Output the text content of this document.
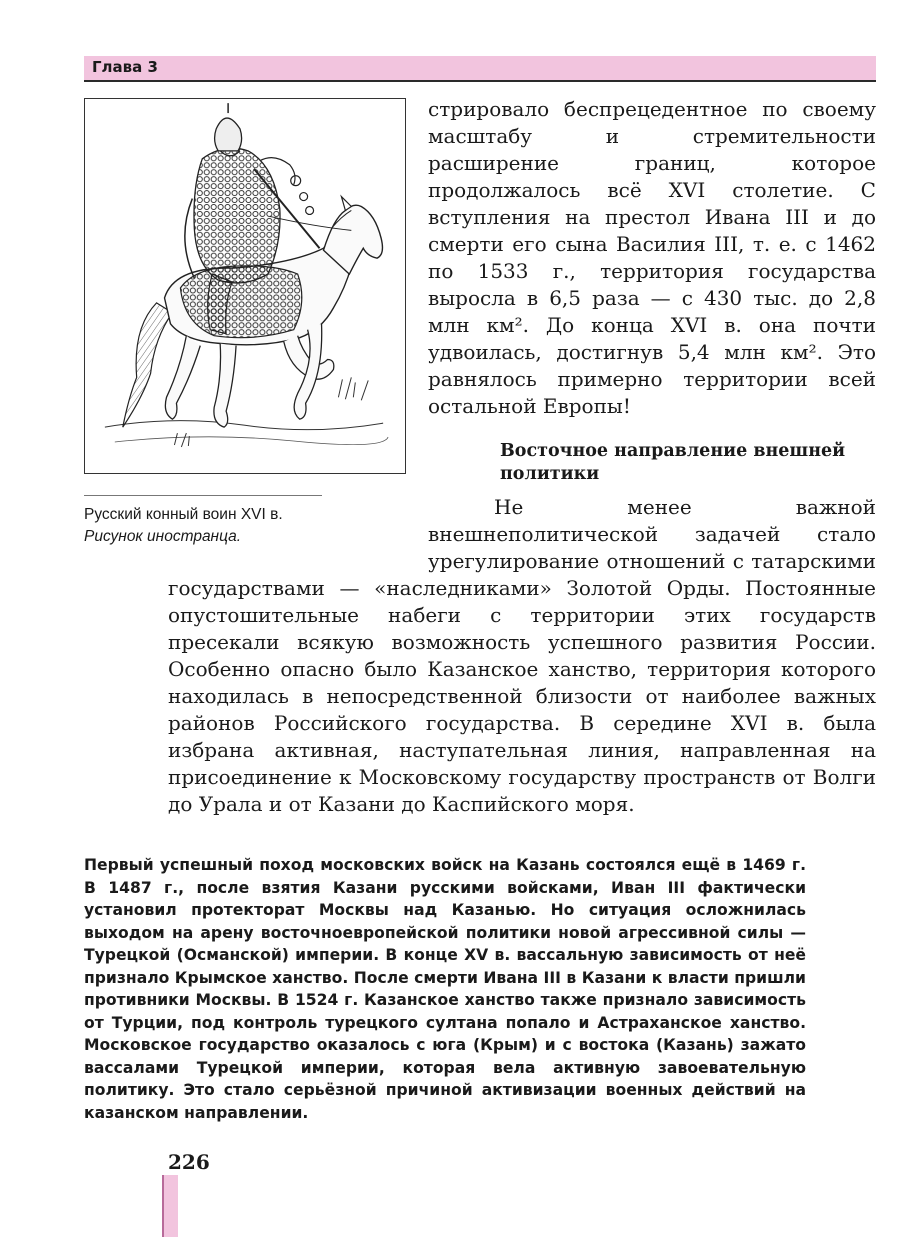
Глава 3
Русский конный воин XVI в.
Рисунок иностранца.

стрировало беспрецедентное по своему масштабу и стремительности расширение границ, которое продолжалось всё XVI столетие. С вступления на престол Ивана III и до смерти его сына Василия III, т. е. с 1462 по 1533 г., территория государства выросла в 6,5 раза — с 430 тыс. до 2,8 млн км². До конца XVI в. она почти удвоилась, достигнув 5,4 млн км². Это равнялось примерно территории всей остальной Европы!

Восточное направление внешней политики

Не менее важной внешнеполитической задачей стало урегулирование отношений с татарскими государствами — «наследниками» Золотой Орды. Постоянные опустошительные набеги с территории этих государств пресекали всякую возможность успешного развития России. Особенно опасно было Казанское ханство, территория которого находилась в непосредственной близости от наиболее важных районов Российского государства. В середине XVI в. была избрана активная, наступательная линия, направленная на присоединение к Московскому государству пространств от Волги до Урала и от Казани до Каспийского моря.

Первый успешный поход московских войск на Казань состоялся ещё в 1469 г. В 1487 г., после взятия Казани русскими войсками, Иван III фактически установил протекторат Москвы над Казанью. Но ситуация осложнилась выходом на арену восточноевропейской политики новой агрессивной силы — Турецкой (Османской) империи. В конце XV в. вассальную зависимость от неё признало Крымское ханство. После смерти Ивана III в Казани к власти пришли противники Москвы. В 1524 г. Казанское ханство также признало зависимость от Турции, под контроль турецкого султана попало и Астраханское ханство. Московское государство оказалось с юга (Крым) и с востока (Казань) зажато вассалами Турецкой империи, которая вела активную завоевательную политику. Это стало серьёзной причиной активизации военных действий на казанском направлении.

226
